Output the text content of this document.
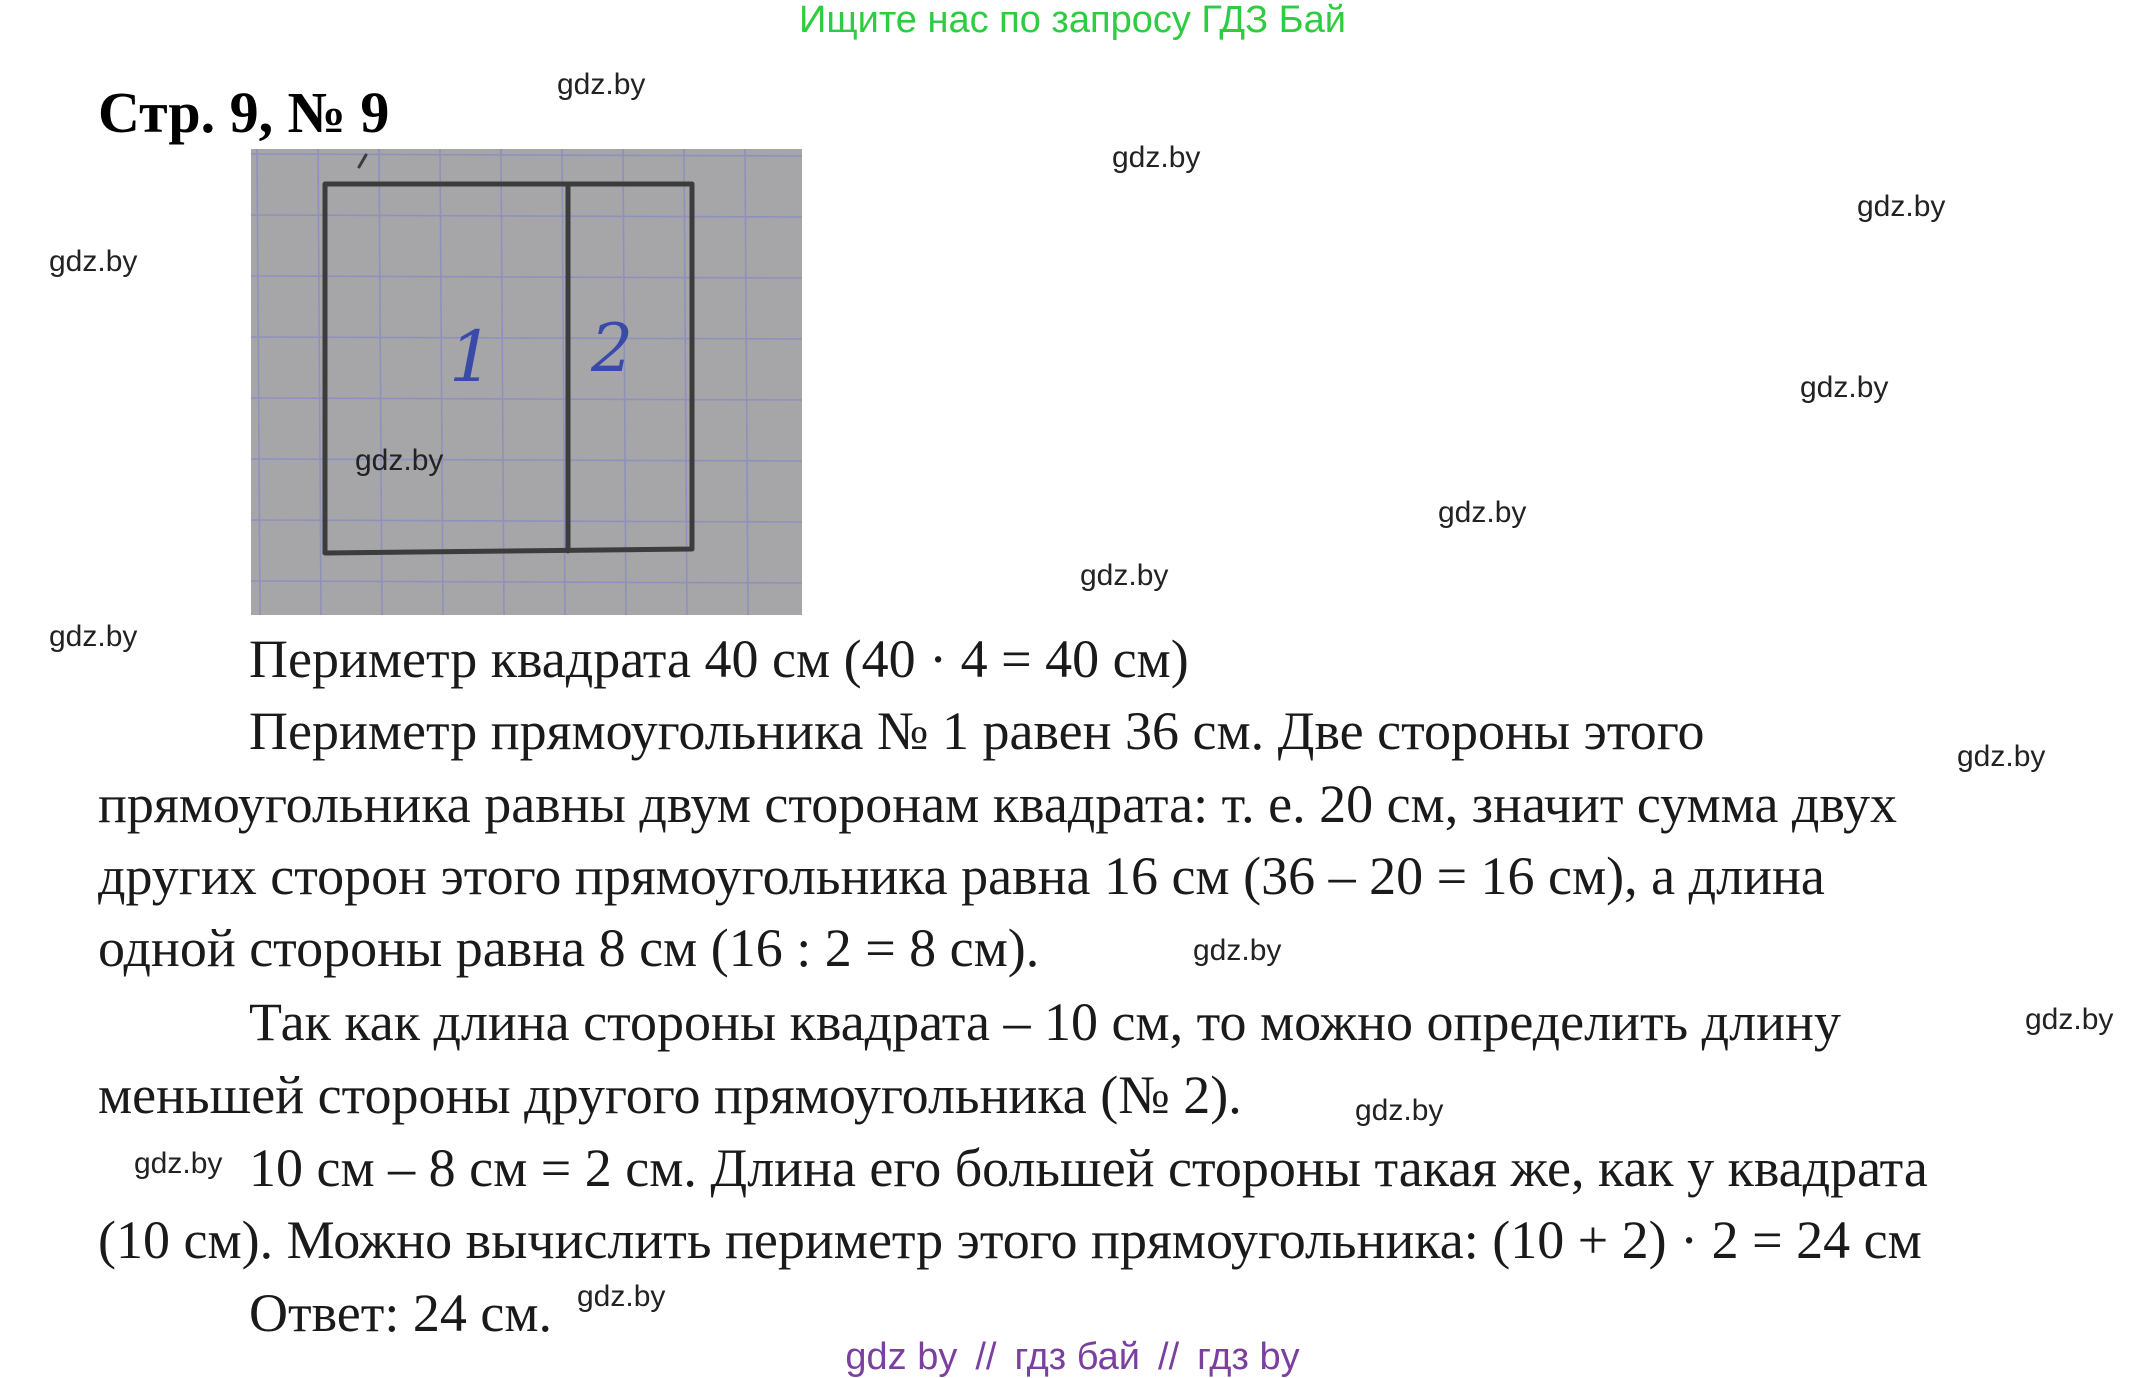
Ищите нас по запросу ГДЗ Бай
Стр. 9, № 9
1 2
gdz.by
gdz.by
gdz.by
gdz.by
gdz.by
gdz.by
gdz.by
gdz.by
gdz.by
gdz.by
gdz.by
gdz.by
gdz.by
gdz.by
gdz.by
Периметр квадрата 40 см (40 · 4 = 40 см)
Периметр прямоугольника № 1 равен 36 см. Две стороны этого
прямоугольника равны двум сторонам квадрата: т. е. 20 см, значит сумма двух
других сторон этого прямоугольника равна 16 см (36 – 20 = 16 см), а длина
одной стороны равна 8 см (16 : 2 = 8 см).
Так как длина стороны квадрата – 10 см, то можно определить длину
меньшей стороны другого прямоугольника (№ 2).
10 см – 8 см = 2 см. Длина его большей стороны такая же, как у квадрата
(10 см). Можно вычислить периметр этого прямоугольника: (10 + 2) · 2 = 24 см
Ответ: 24 см.
gdz by // гдз бай // гдз by
